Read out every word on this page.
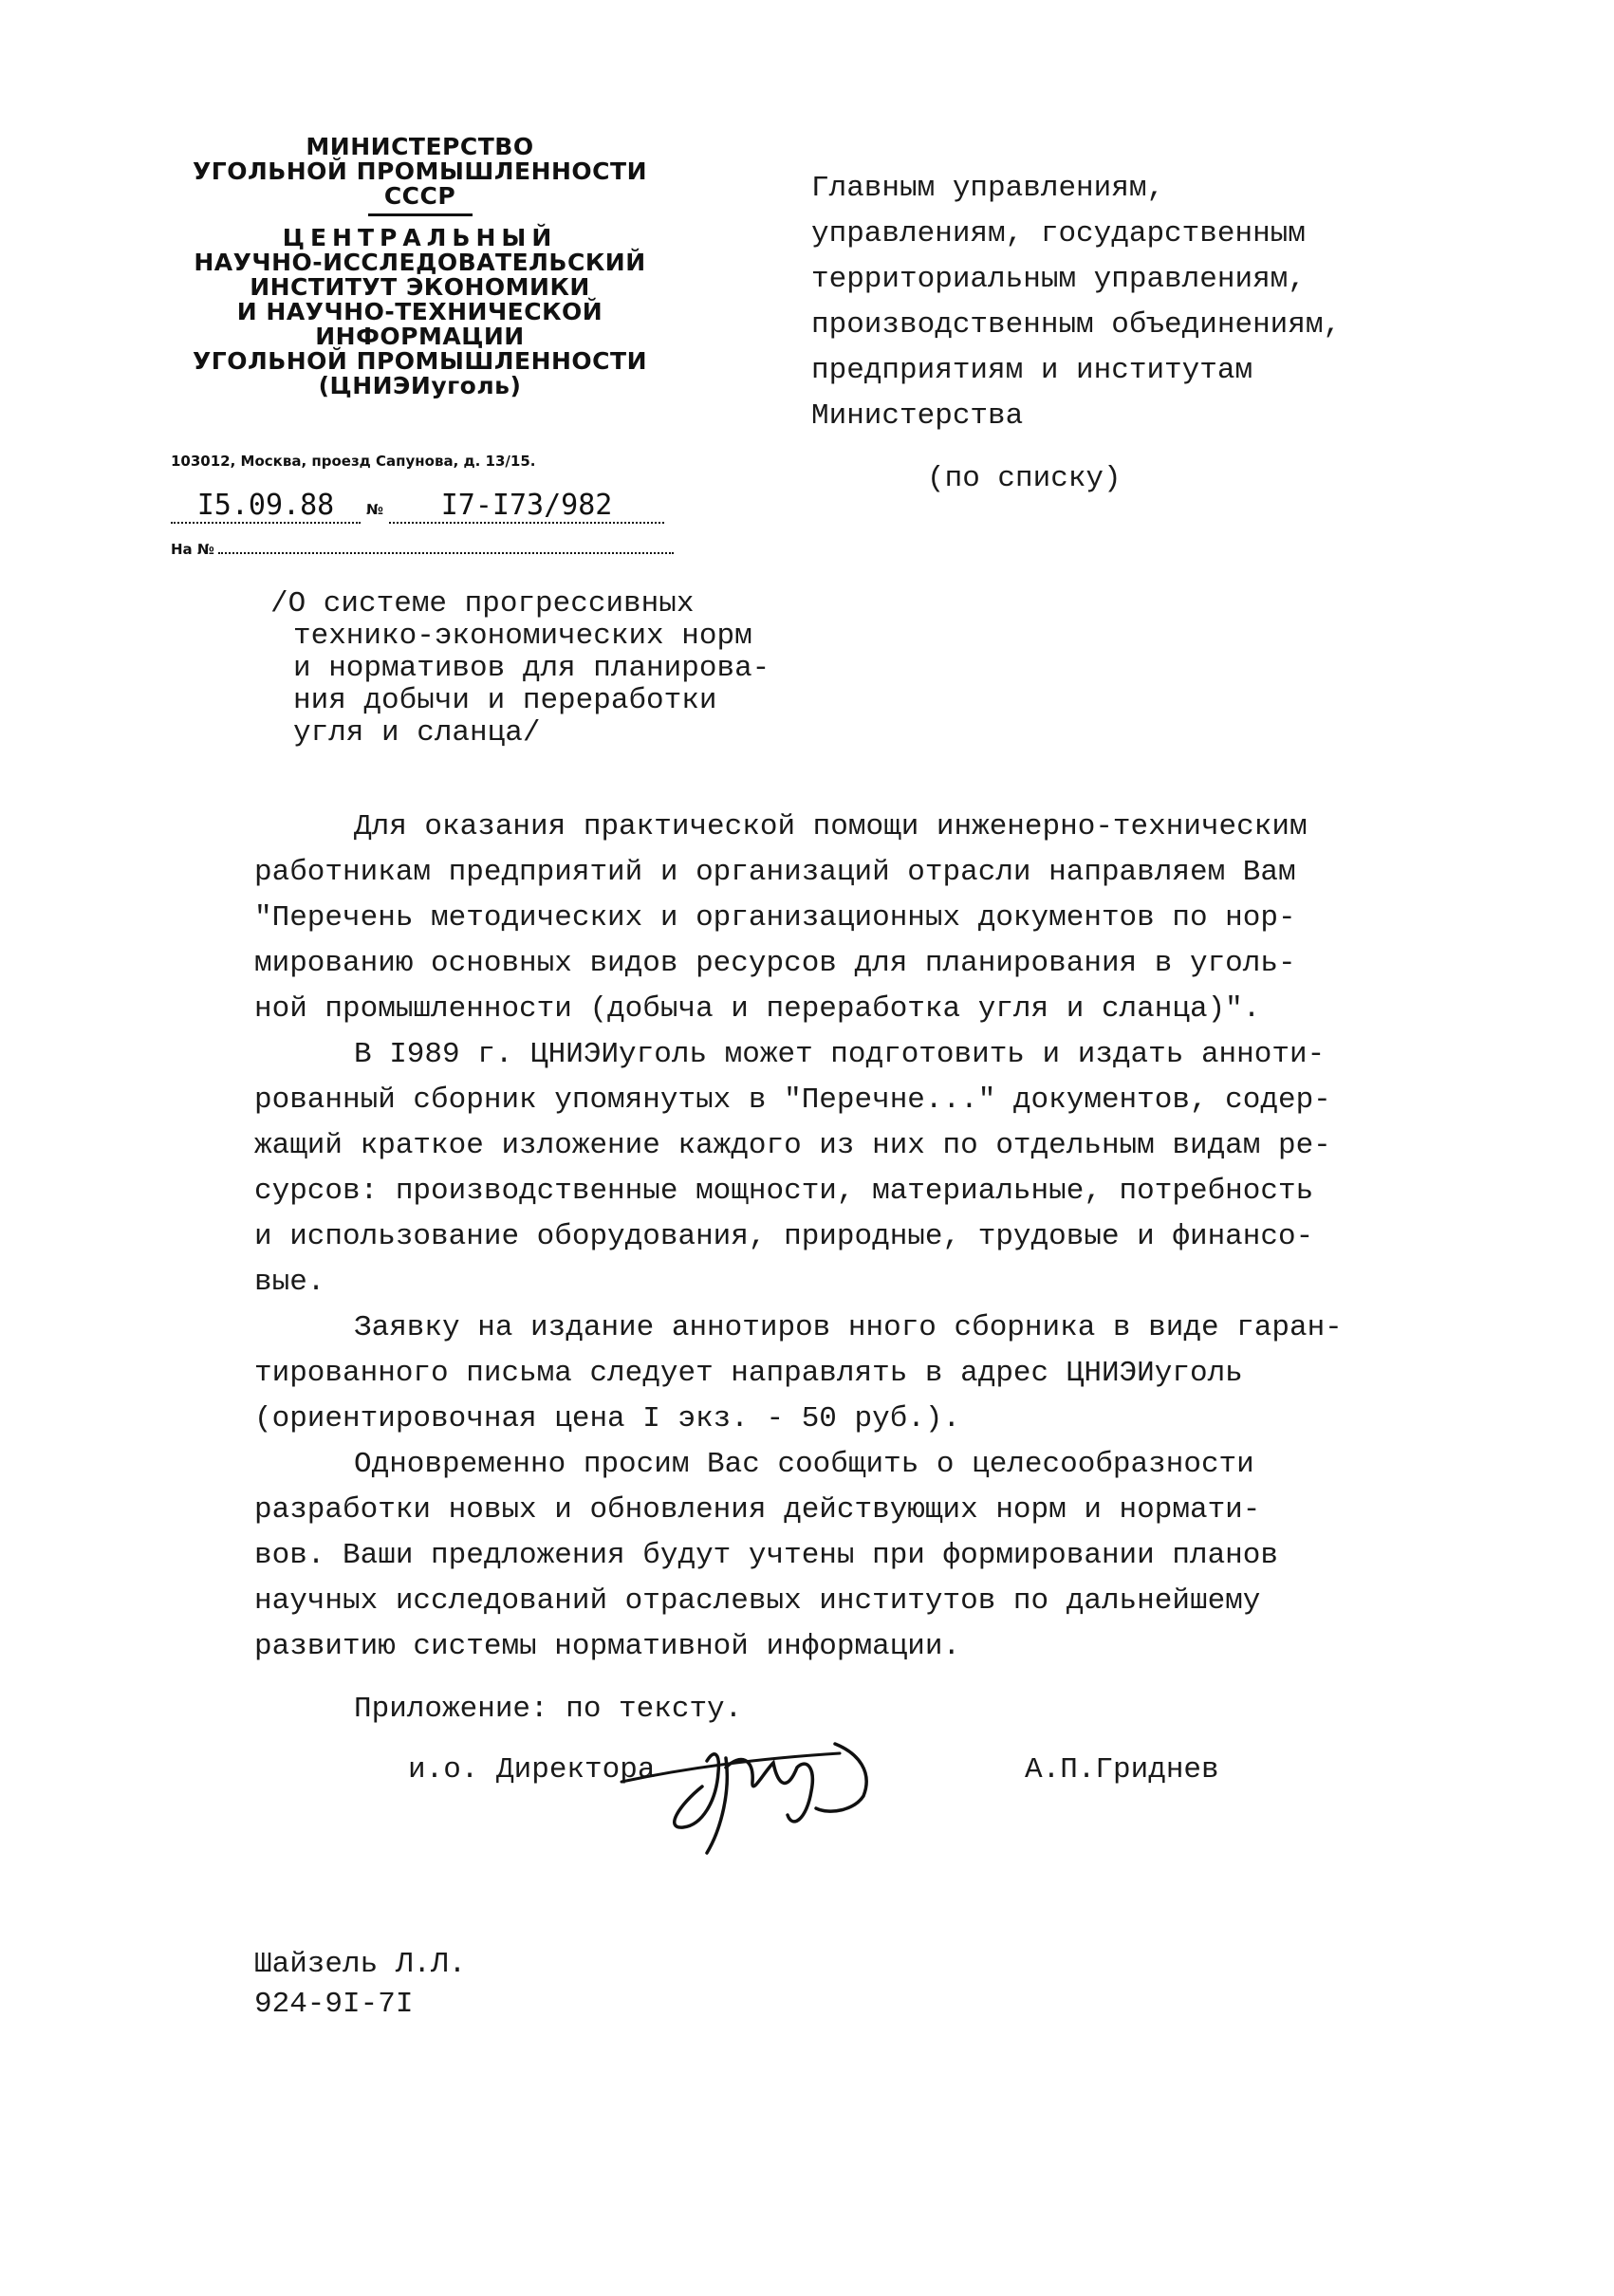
МИНИСТЕРСТВО
УГОЛЬНОЙ ПРОМЫШЛЕННОСТИ
СССР
ЦЕНТРАЛЬНЫЙ
НАУЧНО-ИССЛЕДОВАТЕЛЬСКИЙ
ИНСТИТУТ ЭКОНОМИКИ
И НАУЧНО-ТЕХНИЧЕСКОЙ
ИНФОРМАЦИИ
УГОЛЬНОЙ ПРОМЫШЛЕННОСТИ
(ЦНИЭИуголь)
103012, Москва, проезд Сапунова, д. 13/15.
I5.09.88 № I7-I73/982
На №
Главным управлениям,
управлениям, государственным
территориальным управлениям,
производственным объединениям,
предприятиям и институтам
Министерства
(по списку)
/О системе прогрессивных
технико-экономических норм
и нормативов для планирова-
ния добычи и переработки
угля и сланца/
Для оказания практической помощи инженерно-техническим
работникам предприятий и организаций отрасли направляем Вам
"Перечень методических и организационных документов по нор-
мированию основных видов ресурсов для планирования в уголь-
ной промышленности (добыча и переработка угля и сланца)".
В I989 г. ЦНИЭИуголь может подготовить и издать анноти-
рованный сборник упомянутых в "Перечне..." документов, содер-
жащий краткое изложение каждого из них по отдельным видам ре-
сурсов: производственные мощности, материальные, потребность
и использование оборудования, природные, трудовые и финансо-
вые.
Заявку на издание аннотиров нного сборника в виде гаран-
тированного письма следует направлять в адрес ЦНИЭИуголь
(ориентировочная цена I экз. - 50 руб.).
Одновременно просим Вас сообщить о целесообразности
разработки новых и обновления действующих норм и нормати-
вов. Ваши предложения будут учтены при формировании планов
научных исследований отраслевых институтов по дальнейшему
развитию системы нормативной информации.
Приложение: по тексту.
и.о. Директора	А.П.Гриднев
Шайзель Л.Л.
924-9I-7I
